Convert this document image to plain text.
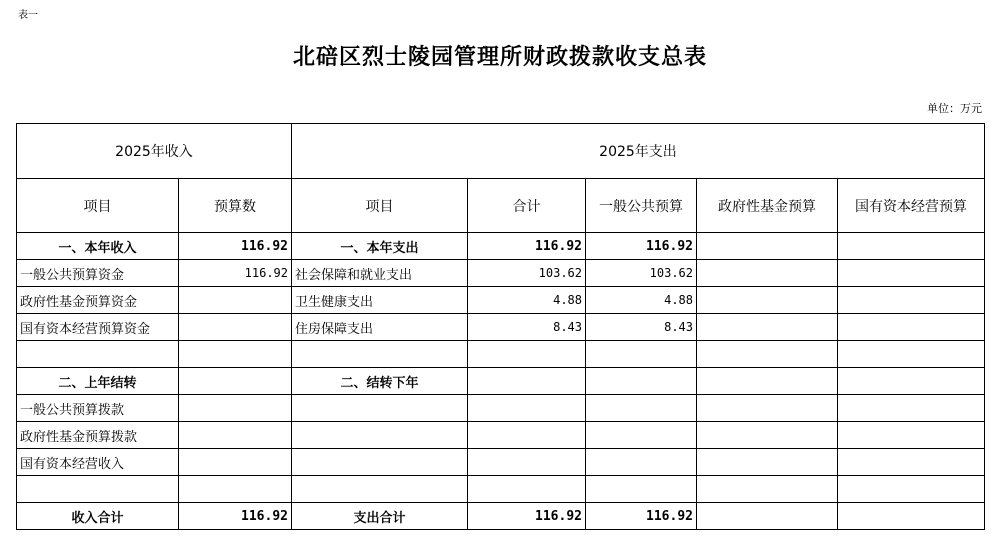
表一
北碚区烈士陵园管理所财政拨款收支总表
单位：万元
2025年收入		2025年支出				
项目	预算数	项目	合计	一般公共预算	政府性基金预算	国有资本经营预算
一、本年收入	116.92	一、本年支出	116.92	116.92		
一般公共预算资金	116.92	社会保障和就业支出	103.62	103.62		
政府性基金预算资金		卫生健康支出	4.88	4.88		
国有资本经营预算资金		住房保障支出	8.43	8.43		

二、上年结转		二、结转下年				
一般公共预算拨款						
政府性基金预算拨款						
国有资本经营收入						

收入合计	116.92	支出合计	116.92	116.92		
